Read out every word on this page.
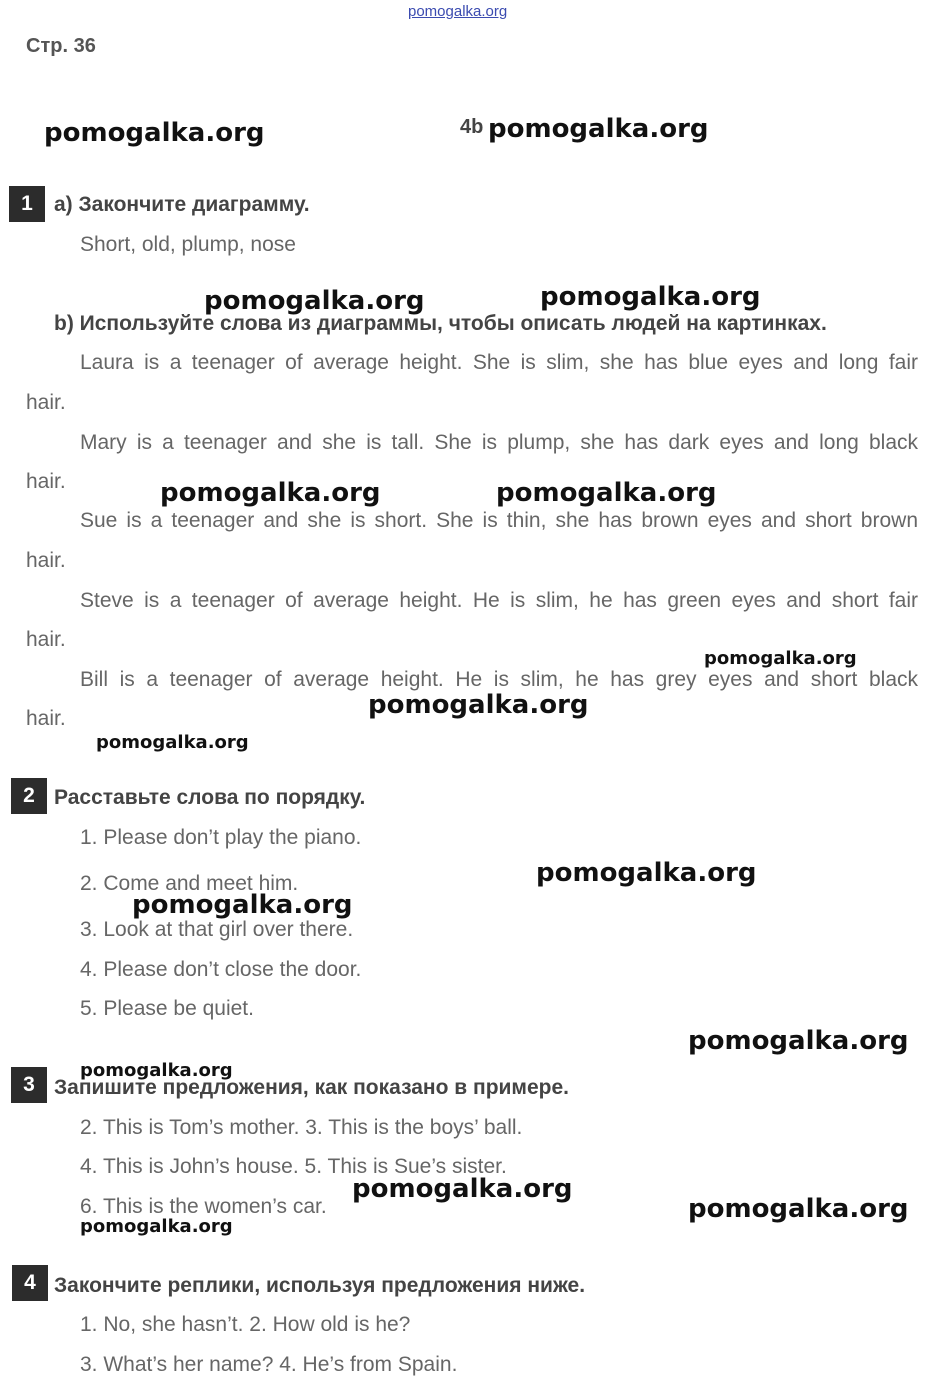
pomogalka.org
Стр. 36
4b
1	a) Закончите диаграмму.
Short, old, plump, nose
b) Используйте слова из диаграммы, чтобы описать людей на картинках.
Laura is a teenager of average height. She is slim, she has blue eyes and long fair
hair.
Mary is a teenager and she is tall. She is plump, she has dark eyes and long black
hair.
Sue is a teenager and she is short. She is thin, she has brown eyes and short brown
hair.
Steve is a teenager of average height. He is slim, he has green eyes and short fair
hair.
Bill is a teenager of average height. He is slim, he has grey eyes and short black
hair.
2 Расставьте слова по порядку.
1. Please don’t play the piano.
2. Come and meet him.
3. Look at that girl over there.
4. Please don’t close the door.
5. Please be quiet.
3 Запишите предложения, как показано в примере.
2. This is Tom’s mother. 3. This is the boys’ ball.
4. This is John’s house. 5. This is Sue’s sister.
6. This is the women’s car.
4 Закончите реплики, используя предложения ниже.
1. No, she hasn’t. 2. How old is he?
3. What’s her name? 4. He’s from Spain.
pomogalka.org	pomogalka.org
pomogalka.org	pomogalka.org
pomogalka.org	pomogalka.org
pomogalka.org
pomogalka.org
pomogalka.org
pomogalka.org
pomogalka.org
pomogalka.org
pomogalka.org
pomogalka.org
pomogalka.org
pomogalka.org
